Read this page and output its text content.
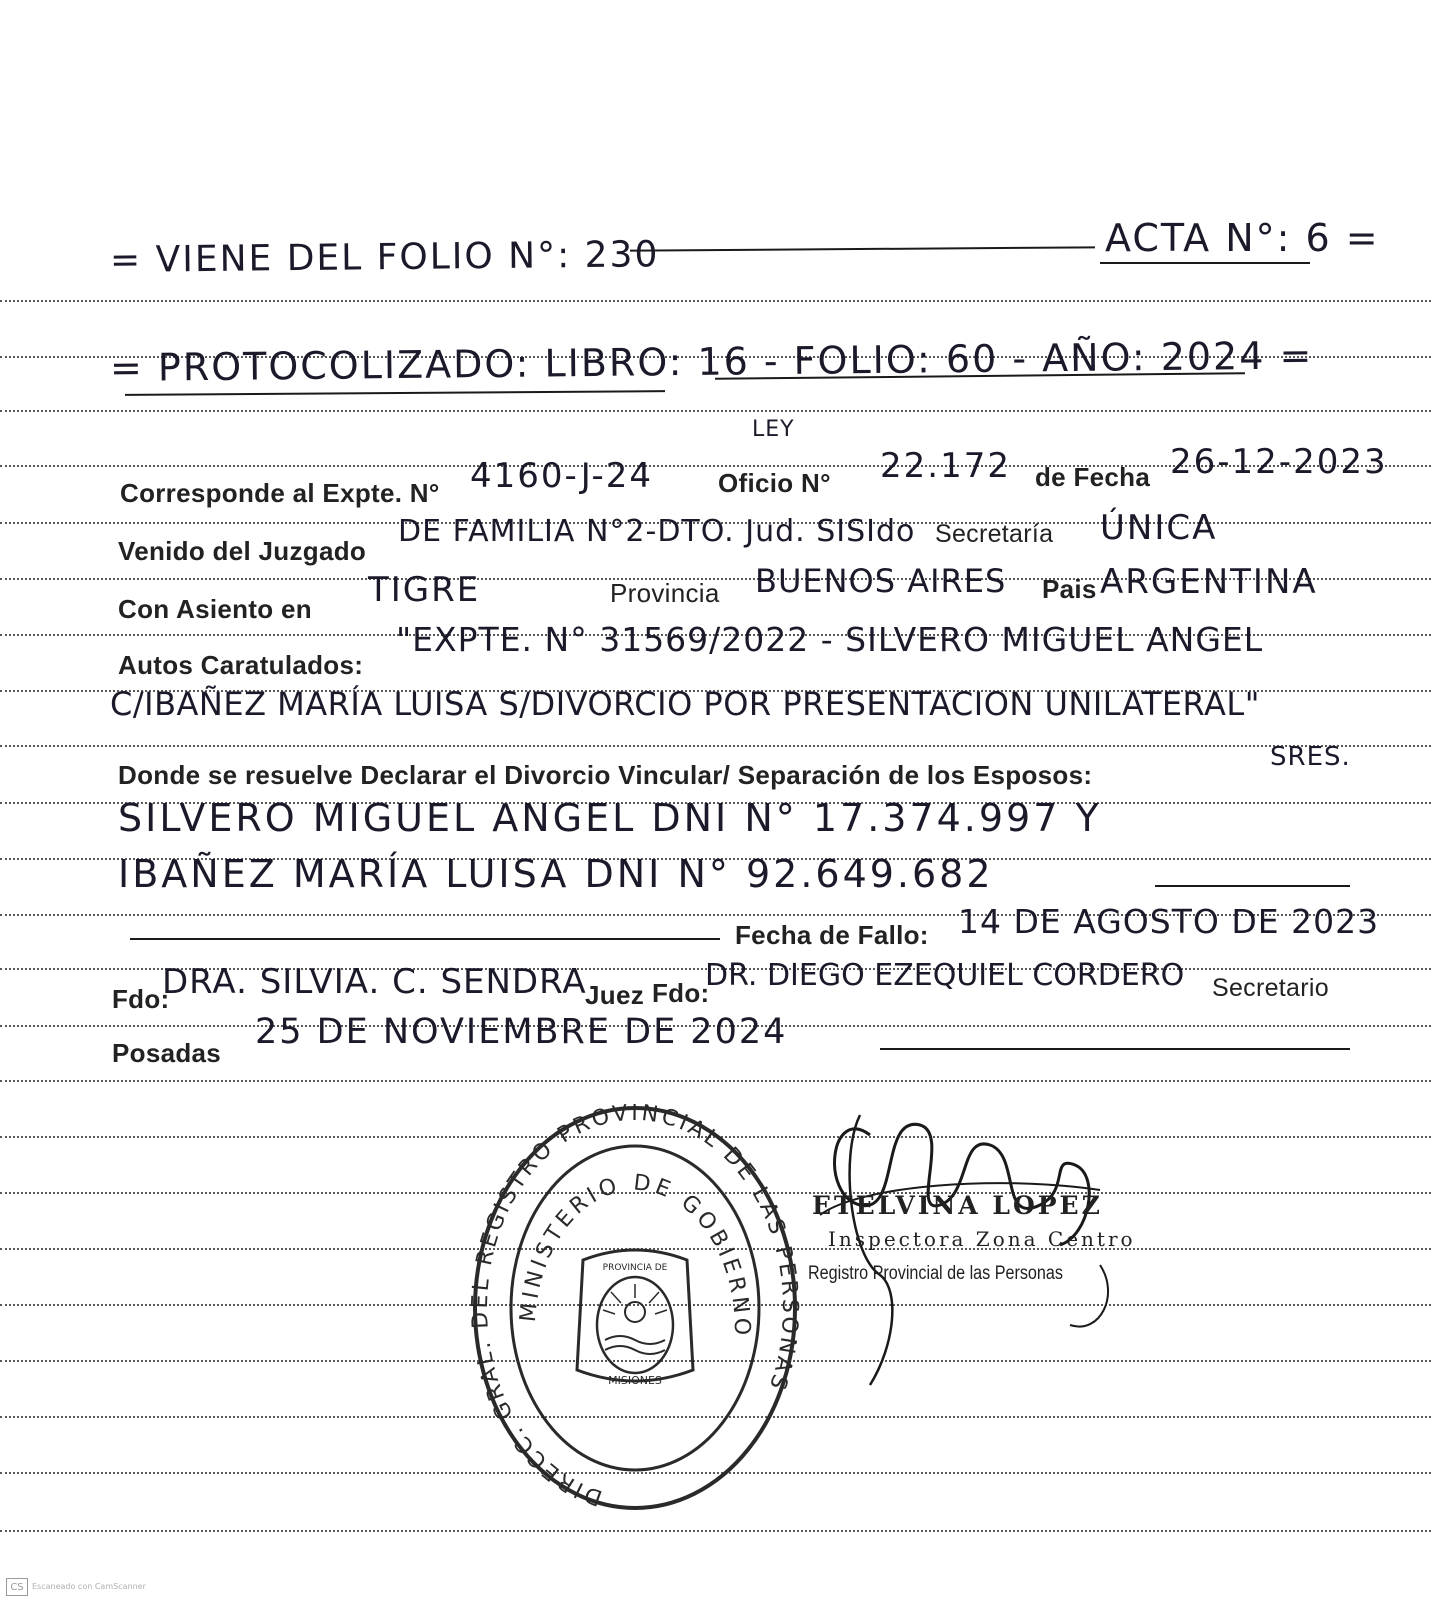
= VIENE DEL FOLIO N°: 230	ACTA N°: 6 =
= PROTOCOLIZADO: LIBRO: 16 - FOLIO: 60 - AÑO: 2024 =
LEY
Corresponde al Expte. N° 4160-J-24 Oficio N° 22.172 de Fecha 26-12-2023
Venido del Juzgado
DE FAMILIA N°2-DTO. Jud. SISIdo Secretaría ÚNICA
Con Asiento en TIGRE	Provincia BUENOS AIRES Pais ARGENTINA
Autos Caratulados:
"EXPTE. N° 31569/2022 - SILVERO MIGUEL ANGEL
C/IBAÑEZ MARÍA LUISA S/DIVORCIO POR PRESENTACION UNILATERAL"
Donde se resuelve Declarar el Divorcio Vincular/ Separación de los Esposos:
SRES.
SILVERO MIGUEL ANGEL DNI N° 17.374.997 Y
IBAÑEZ MARÍA LUISA DNI N° 92.649.682
Fecha de Fallo: 14 DE AGOSTO DE 2023
Fdo:
DRA. SILVIA. C. SENDRA
Juez Fdo:
DR. DIEGO EZEQUIEL CORDERO Secretario
Posadas
25 DE NOVIEMBRE DE 2024
DIRECC. GRAL. DEL REGISTRO PROVINCIAL DE LAS PERSONAS
MINISTERIO DE GOBIERNO
PROVINCIA DE
MISIONES
ETELVINA LOPEZ
Inspectora Zona Centro
Registro Provincial de las Personas
CS	Escaneado con CamScanner
